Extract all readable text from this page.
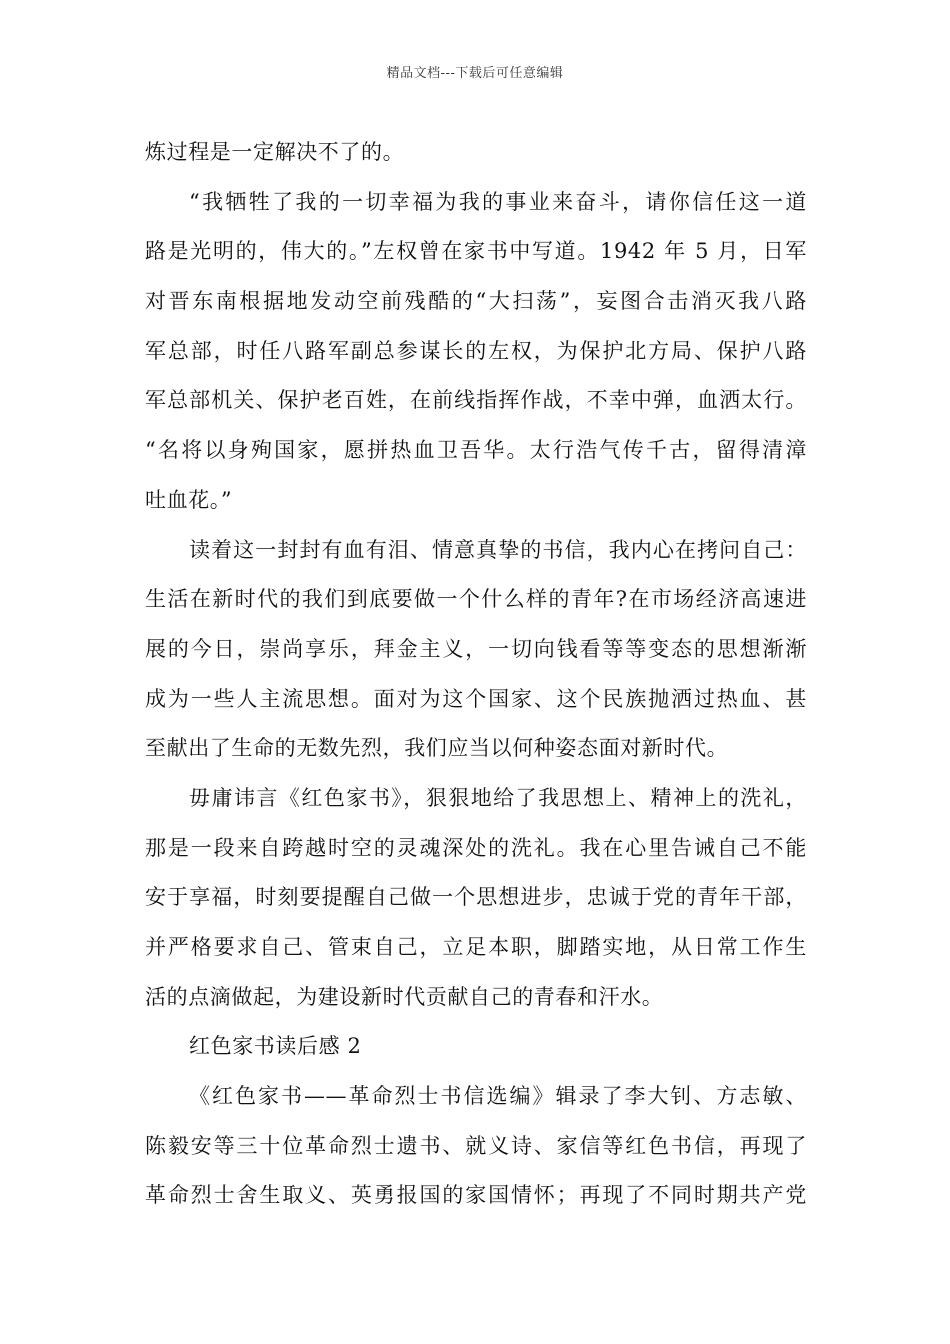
精品文档---下载后可任意编辑
炼过程是一定解决不了的。
“我牺牲了我的一切幸福为我的事业来奋斗，请你信任这一道
路是光明的，伟大的。”左权曾在家书中写道。1942 年 5 月，日军
对晋东南根据地发动空前残酷的“大扫荡”，妄图合击消灭我八路
军总部，时任八路军副总参谋长的左权，为保护北方局、保护八路
军总部机关、保护老百姓，在前线指挥作战，不幸中弹，血洒太行。
“名将以身殉国家，愿拼热血卫吾华。太行浩气传千古，留得清漳
吐血花。”
读着这一封封有血有泪、情意真挚的书信，我内心在拷问自己：
生活在新时代的我们到底要做一个什么样的青年?在市场经济高速进
展的今日，崇尚享乐，拜金主义，一切向钱看等等变态的思想渐渐
成为一些人主流思想。面对为这个国家、这个民族抛洒过热血、甚
至献出了生命的无数先烈，我们应当以何种姿态面对新时代。
毋庸讳言《红色家书》，狠狠地给了我思想上、精神上的洗礼，
那是一段来自跨越时空的灵魂深处的洗礼。我在心里告诫自己不能
安于享福，时刻要提醒自己做一个思想进步，忠诚于党的青年干部，
并严格要求自己、管束自己，立足本职，脚踏实地，从日常工作生
活的点滴做起，为建设新时代贡献自己的青春和汗水。
红色家书读后感 2
《红色家书——革命烈士书信选编》辑录了李大钊、方志敏、
陈毅安等三十位革命烈士遗书、就义诗、家信等红色书信，再现了
革命烈士舍生取义、英勇报国的家国情怀；再现了不同时期共产党
